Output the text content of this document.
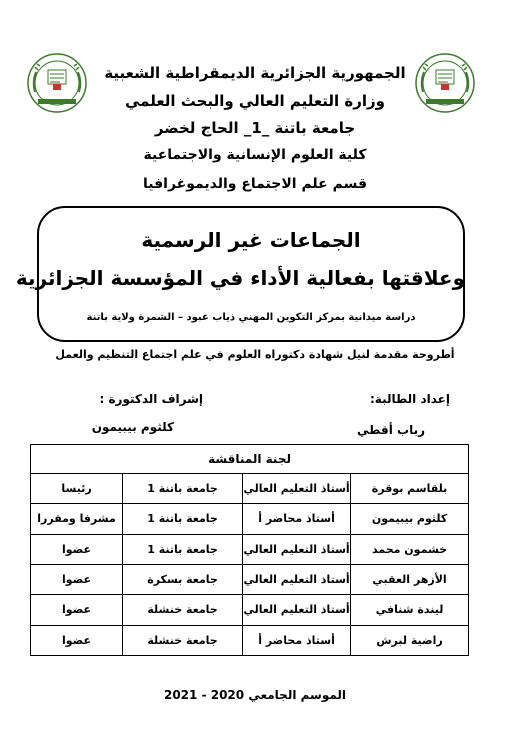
الجمهورية الجزائرية الديمقراطية الشعبية
وزارة التعليم العالي والبحث العلمي
جامعة باتنة _1_ الحاج لخضر
كلية العلوم الإنسانية والاجتماعية
قسم علم الاجتماع والديموغرافيا
الجماعات غير الرسمية
وعلاقتها بفعالية الأداء في المؤسسة الجزائرية
دراسة ميدانية بمركز التكوين المهني ذياب عبود – الشمرة ولاية باتنة
أطروحة مقدمة لنيل شهادة دكتوراه العلوم في علم اجتماع التنظيم والعمل
إعداد الطالبة:
إشراف الدكتورة :
رباب أقطي
كلثوم بيبيمون
لجنة المناقشة			
بلقاسم بوقرة	أستاذ التعليم العالي	جامعة باتنة 1	رئيسا
كلثوم بيبيمون	أستاذ محاضر أ	جامعة باتنة 1	مشرفا ومقررا
خشمون محمد	أستاذ التعليم العالي	جامعة باتنة 1	عضوا
الأزهر العقبي	أستاذ التعليم العالي	جامعة بسكرة	عضوا
ليندة شنافي	أستاذ التعليم العالي	جامعة خنشلة	عضوا
راضية لبرش	أستاذ محاضر أ	جامعة خنشلة	عضوا
الموسم الجامعي 2020 - 2021
